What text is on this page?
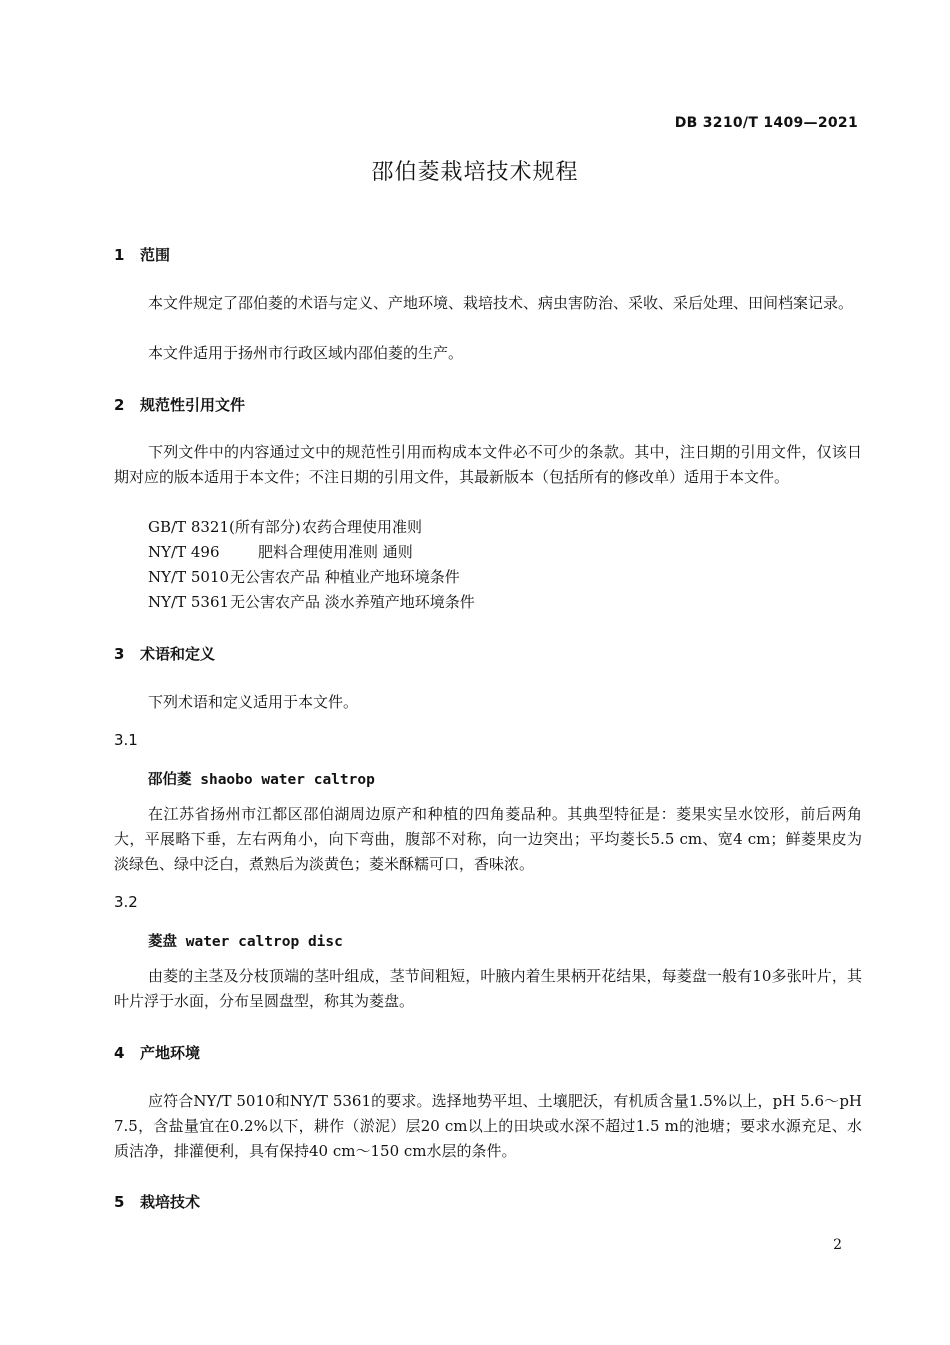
DB 3210/T 1409—2021
邵伯菱栽培技术规程
1 范围
本文件规定了邵伯菱的术语与定义、产地环境、栽培技术、病虫害防治、采收、采后处理、田间档案记录。
本文件适用于扬州市行政区域内邵伯菱的生产。
2 规范性引用文件
下列文件中的内容通过文中的规范性引用而构成本文件必不可少的条款。其中，注日期的引用文件，仅该日期对应的版本适用于本文件；不注日期的引用文件，其最新版本（包括所有的修改单）适用于本文件。
GB/T 8321(所有部分)农药合理使用准则
NY/T 496	肥料合理使用准则 通则
NY/T 5010无公害农产品 种植业产地环境条件
NY/T 5361无公害农产品 淡水养殖产地环境条件
3 术语和定义
下列术语和定义适用于本文件。
3.1
邵伯菱 shaobo water caltrop
在江苏省扬州市江都区邵伯湖周边原产和种植的四角菱品种。其典型特征是：菱果实呈水饺形，前后两角大，平展略下垂，左右两角小，向下弯曲，腹部不对称，向一边突出；平均菱长5.5 cm、宽4 cm；鲜菱果皮为淡绿色、绿中泛白，煮熟后为淡黄色；菱米酥糯可口，香味浓。
3.2
菱盘 water caltrop disc
由菱的主茎及分枝顶端的茎叶组成，茎节间粗短，叶腋内着生果柄开花结果，每菱盘一般有10多张叶片，其叶片浮于水面，分布呈圆盘型，称其为菱盘。
4 产地环境
应符合NY/T 5010和NY/T 5361的要求。选择地势平坦、土壤肥沃，有机质含量1.5%以上，pH 5.6～pH 7.5，含盐量宜在0.2%以下，耕作（淤泥）层20 cm以上的田块或水深不超过1.5 m的池塘；要求水源充足、水质洁净，排灌便利，具有保持40 cm～150 cm水层的条件。
5 栽培技术
2
